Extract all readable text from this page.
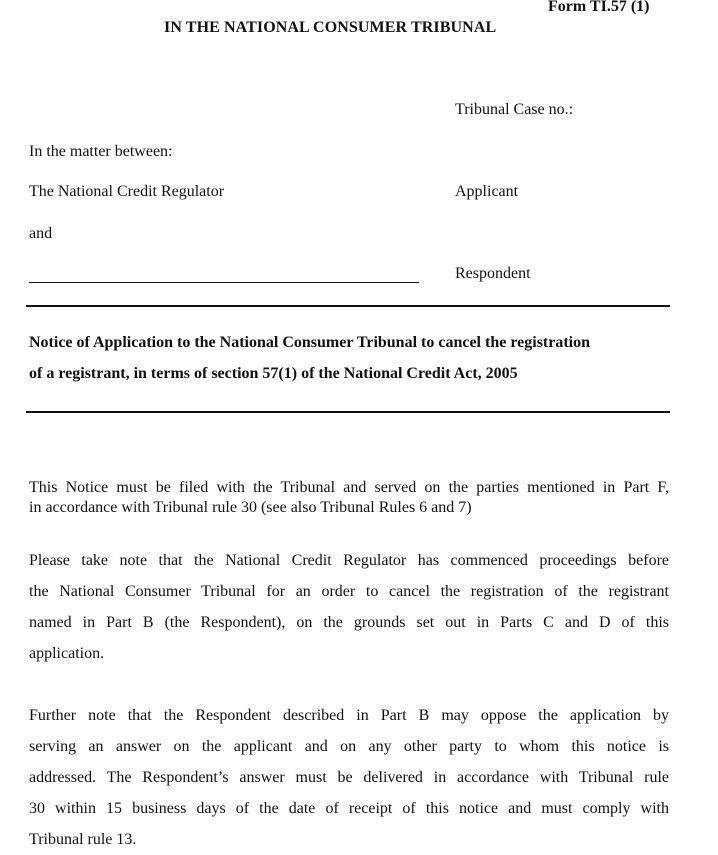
Form TI.57 (1)
IN THE NATIONAL CONSUMER TRIBUNAL
Tribunal Case no.:
In the matter between:
The National Credit Regulator	Applicant
and
Respondent
Notice of Application to the National Consumer Tribunal to cancel the registration
of a registrant, in terms of section 57(1) of the National Credit Act, 2005
This Notice must be filed with the Tribunal and served on the parties mentioned in Part F,
in accordance with Tribunal rule 30 (see also Tribunal Rules 6 and 7)
Please take note that the National Credit Regulator has commenced proceedings before
the National Consumer Tribunal for an order to cancel the registration of the registrant
named in Part B (the Respondent), on the grounds set out in Parts C and D of this
application.
Further note that the Respondent described in Part B may oppose the application by
serving an answer on the applicant and on any other party to whom this notice is
addressed. The Respondent’s answer must be delivered in accordance with Tribunal rule
30 within 15 business days of the date of receipt of this notice and must comply with
Tribunal rule 13.
